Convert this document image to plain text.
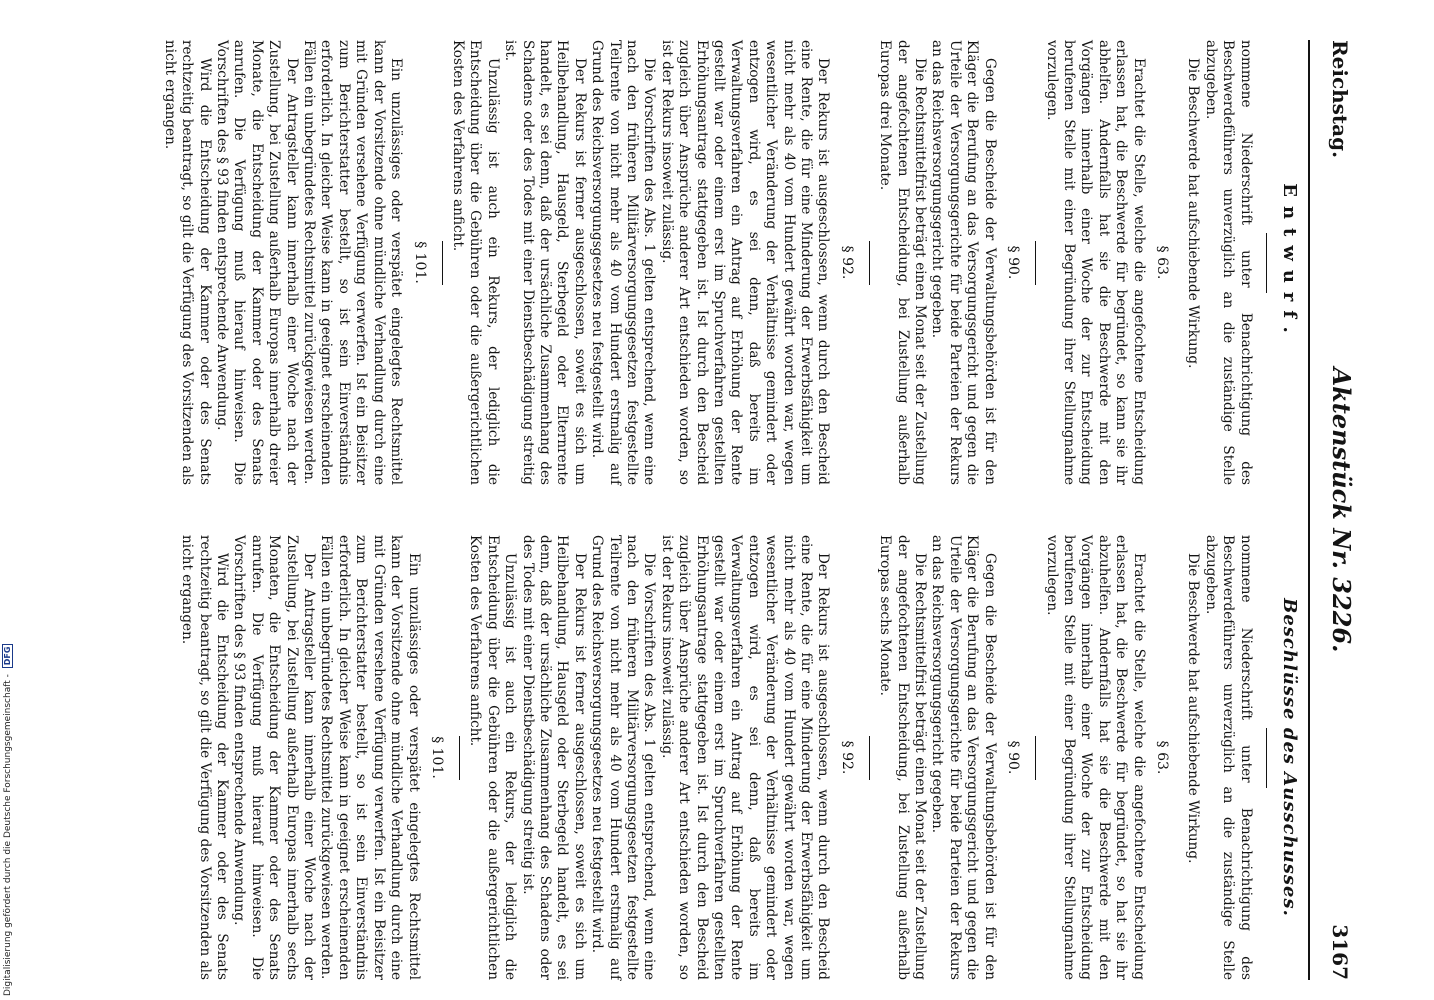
Reichstag.
Aktenstück Nr. 3226.
3167
Entwurf.

nommene Niederschrift unter Benachrichtigung des Beschwerdeführers unverzüglich an die zuständige Stelle abzugeben.

Die Beschwerde hat aufschiebende Wirkung.

§ 63.

Erachtet die Stelle, welche die angefochtene Entscheidung erlassen hat, die Beschwerde für begründet, so kann sie ihr abhelfen. Andernfalls hat sie die Beschwerde mit den Vorgängen innerhalb einer Woche der zur Entscheidung berufenen Stelle mit einer Begründung ihrer Stellungnahme vorzulegen.

§ 90.

Gegen die Bescheide der Verwaltungsbehörden ist für den Kläger die Berufung an das Versorgungsgericht und gegen die Urteile der Versorgungsgerichte für beide Parteien der Rekurs an das Reichsversorgungsgericht gegeben.

Die Rechtsmittelfrist beträgt einen Monat seit der Zustellung der angefochtenen Entscheidung, bei Zustellung außerhalb Europas drei Monate.

§ 92.

Der Rekurs ist ausgeschlossen, wenn durch den Bescheid eine Rente, die für eine Minderung der Erwerbsfähigkeit um nicht mehr als 40 vom Hundert gewährt worden war, wegen wesentlicher Veränderung der Verhältnisse gemindert oder entzogen wird, es sei denn, daß bereits im Verwaltungsverfahren ein Antrag auf Erhöhung der Rente gestellt war oder einem erst im Spruchverfahren gestellten Erhöhungsantrage stattgegeben ist. Ist durch den Bescheid zugleich über Ansprüche anderer Art entschieden worden, so ist der Rekurs insoweit zulässig.

Die Vorschriften des Abs. 1 gelten entsprechend, wenn eine nach den früheren Militärversorgungsgesetzen festgestellte Teilrente von nicht mehr als 40 vom Hundert erstmalig auf Grund des Reichsversorgungsgesetzes neu festgestellt wird.

Der Rekurs ist ferner ausgeschlossen, soweit es sich um Heilbehandlung, Hausgeld, Sterbegeld oder Elternrente handelt, es sei denn, daß der ursächliche Zusammenhang des Schadens oder des Todes mit einer Dienstbeschädigung streitig ist.

Unzulässig ist auch ein Rekurs, der lediglich die Entscheidung über die Gebühren oder die außergerichtlichen Kosten des Verfahrens anficht.

§ 101.

Ein unzulässiges oder verspätet eingelegtes Rechtsmittel kann der Vorsitzende ohne mündliche Verhandlung durch eine mit Gründen versehene Verfügung verwerfen. Ist ein Beisitzer zum Berichterstatter bestellt, so ist sein Einverständnis erforderlich. In gleicher Weise kann in geeignet erscheinenden Fällen ein unbegründetes Rechtsmittel zurückgewiesen werden.

Der Antragsteller kann innerhalb einer Woche nach der Zustellung, bei Zustellung außerhalb Europas innerhalb dreier Monate, die Entscheidung der Kammer oder des Senats anrufen. Die Verfügung muß hierauf hinweisen. Die Vorschriften des § 93 finden entsprechende Anwendung.

Wird die Entscheidung der Kammer oder des Senats rechtzeitig beantragt, so gilt die Verfügung des Vorsitzenden als nicht ergangen.

Beschlüsse des Ausschusses.

nommene Niederschrift unter Benachrichtigung des Beschwerdeführers unverzüglich an die zuständige Stelle abzugeben.

Die Beschwerde hat aufschiebende Wirkung.

§ 63.

Erachtet die Stelle, welche die angefochtene Entscheidung erlassen hat, die Beschwerde für begründet, so hat sie ihr abzuhelfen. Andernfalls hat sie die Beschwerde mit den Vorgängen innerhalb einer Woche der zur Entscheidung berufenen Stelle mit einer Begründung ihrer Stellungnahme vorzulegen.

§ 90.

Gegen die Bescheide der Verwaltungsbehörden ist für den Kläger die Berufung an das Versorgungsgericht und gegen die Urteile der Versorgungsgerichte für beide Parteien der Rekurs an das Reichsversorgungsgericht gegeben.

Die Rechtsmittelfrist beträgt einen Monat seit der Zustellung der angefochtenen Entscheidung, bei Zustellung außerhalb Europas sechs Monate.

§ 92.

Der Rekurs ist ausgeschlossen, wenn durch den Bescheid eine Rente, die für eine Minderung der Erwerbsfähigkeit um nicht mehr als 40 vom Hundert gewährt worden war, wegen wesentlicher Veränderung der Verhältnisse gemindert oder entzogen wird, es sei denn, daß bereits im Verwaltungsverfahren ein Antrag auf Erhöhung der Rente gestellt war oder einem erst im Spruchverfahren gestellten Erhöhungsantrage stattgegeben ist. Ist durch den Bescheid zugleich über Ansprüche anderer Art entschieden worden, so ist der Rekurs insoweit zulässig.

Die Vorschriften des Abs. 1 gelten entsprechend, wenn eine nach den früheren Militärversorgungsgesetzen festgestellte Teilrente von nicht mehr als 40 vom Hundert erstmalig auf Grund des Reichsversorgungsgesetzes neu festgestellt wird.

Der Rekurs ist ferner ausgeschlossen, soweit es sich um Heilbehandlung, Hausgeld oder Sterbegeld handelt, es sei denn, daß der ursächliche Zusammenhang des Schadens oder des Todes mit einer Dienstbeschädigung streitig ist.

Unzulässig ist auch ein Rekurs, der lediglich die Entscheidung über die Gebühren oder die außergerichtlichen Kosten des Verfahrens anficht.

§ 101.

Ein unzulässiges oder verspätet eingelegtes Rechtsmittel kann der Vorsitzende ohne mündliche Verhandlung durch eine mit Gründen versehene Verfügung verwerfen. Ist ein Beisitzer zum Berichterstatter bestellt, so ist sein Einverständnis erforderlich. In gleicher Weise kann in geeignet erscheinenden Fällen ein unbegründetes Rechtsmittel zurückgewiesen werden.

Der Antragsteller kann innerhalb einer Woche nach der Zustellung, bei Zustellung außerhalb Europas innerhalb sechs Monaten, die Entscheidung der Kammer oder des Senats anrufen. Die Verfügung muß hierauf hinweisen. Die Vorschriften des § 93 finden entsprechende Anwendung.

Wird die Entscheidung der Kammer oder des Senats rechtzeitig beantragt, so gilt die Verfügung des Vorsitzenden als nicht ergangen.

Digitalisierung gefördert durch die Deutsche Forschungsgemeinschaft - DFG
